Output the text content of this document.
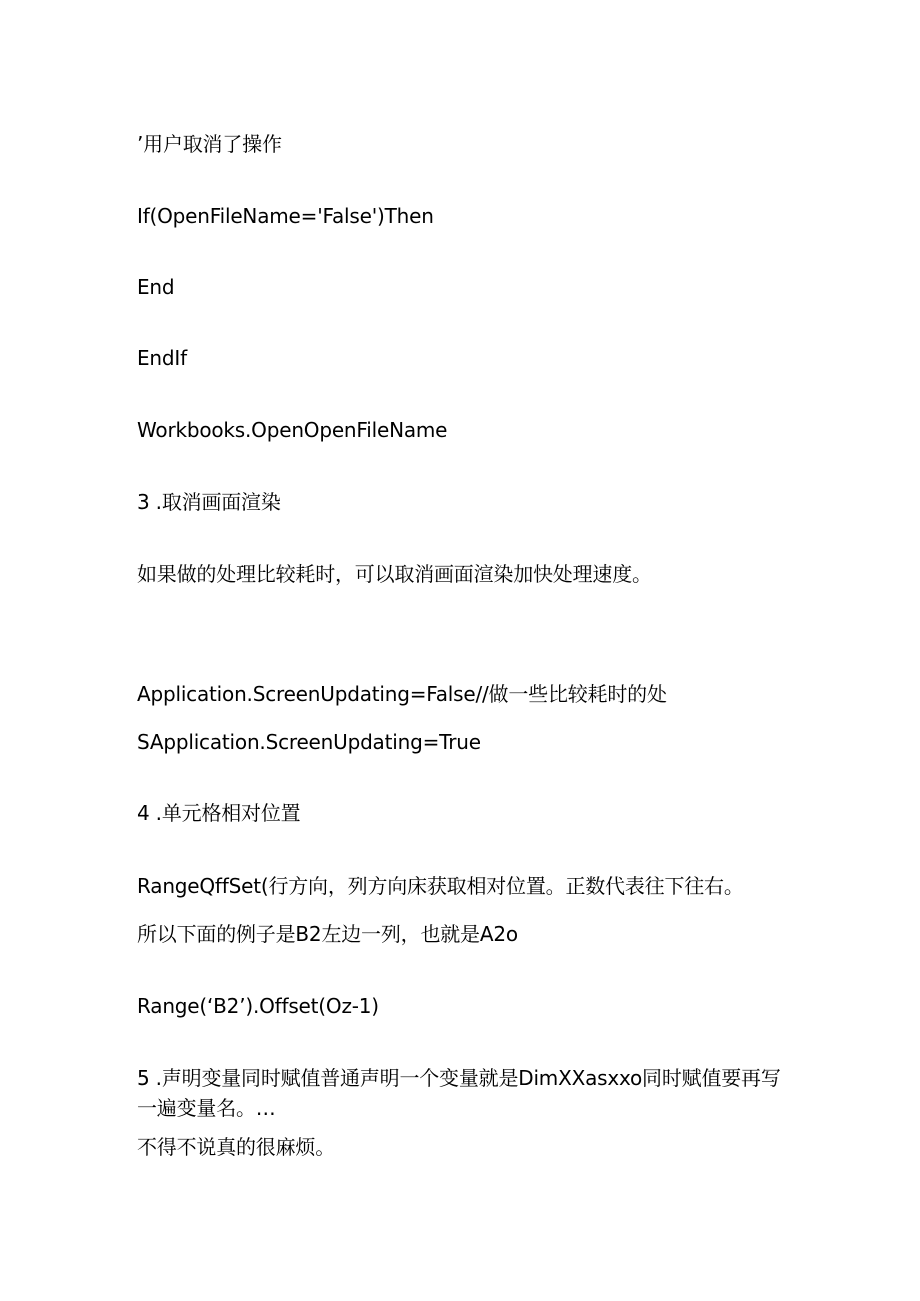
’用户取消了操作
If(OpenFileName='False')Then
End
EndIf
Workbooks.OpenOpenFileName
3 .取消画面渲染
如果做的处理比较耗时，可以取消画面渲染加快处理速度。
Application.ScreenUpdating=False//做一些比较耗时的处
SApplication.ScreenUpdating=True
4 .单元格相对位置
RangeQffSet(行方向，列方向床获取相对位置。正数代表往下往右。
所以下面的例子是B2左边一列，也就是A2o
Range(‘B2’).Offset(Oz-1)
5 .声明变量同时赋值普通声明一个变量就是DimXXasxxo同时赋值要再写一遍变量名。…
不得不说真的很麻烦。
